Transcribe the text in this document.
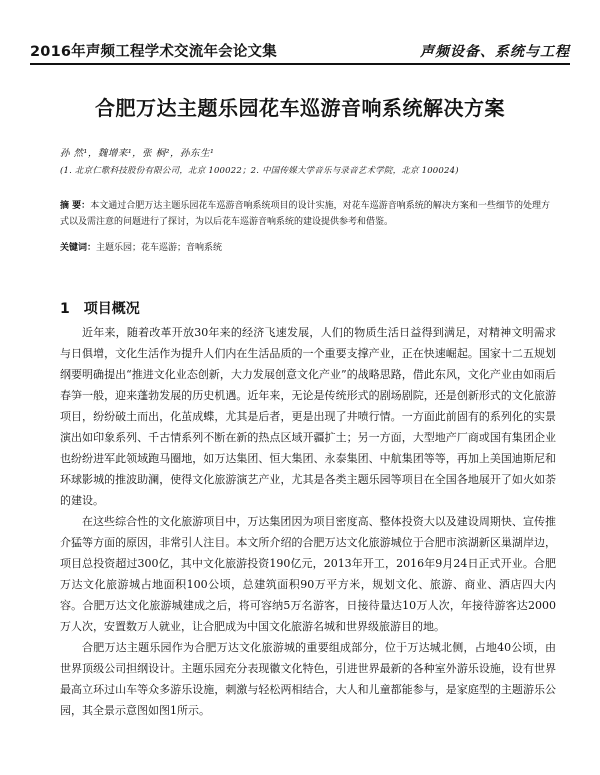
2016年声频工程学术交流年会论文集	声频设备、系统与工程
合肥万达主题乐园花车巡游音响系统解决方案
孙 然¹，魏增来¹，张 桐²，孙东生¹
(1. 北京仁歌科技股份有限公司，北京 100022；2. 中国传媒大学音乐与录音艺术学院，北京 100024)
摘 要：本文通过合肥万达主题乐园花车巡游音响系统项目的设计实施，对花车巡游音响系统的解决方案和一些细节的处理方式以及需注意的问题进行了探讨，为以后花车巡游音响系统的建设提供参考和借鉴。
关键词：主题乐园；花车巡游；音响系统
1 项目概况

近年来，随着改革开放30年来的经济飞速发展，人们的物质生活日益得到满足，对精神文明需求与日俱增，文化生活作为提升人们内在生活品质的一个重要支撑产业，正在快速崛起。国家十二五规划纲要明确提出“推进文化业态创新，大力发展创意文化产业”的战略思路，借此东风，文化产业由如雨后春笋一般，迎来蓬勃发展的历史机遇。近年来，无论是传统形式的剧场剧院，还是创新形式的文化旅游项目，纷纷破土而出，化茧成蝶，尤其是后者，更是出现了井喷行情。一方面此前固有的系列化的实景演出如印象系列、千古情系列不断在新的热点区域开疆扩土；另一方面，大型地产厂商或国有集团企业也纷纷进军此领域跑马圈地，如万达集团、恒大集团、永泰集团、中航集团等等，再加上美国迪斯尼和环球影城的推波助澜，使得文化旅游演艺产业，尤其是各类主题乐园等项目在全国各地展开了如火如荼的建设。

在这些综合性的文化旅游项目中，万达集团因为项目密度高、整体投资大以及建设周期快、宣传推介猛等方面的原因，非常引人注目。本文所介绍的合肥万达文化旅游城位于合肥市滨湖新区巢湖岸边，项目总投资超过300亿，其中文化旅游投资190亿元，2013年开工，2016年9月24日正式开业。合肥万达文化旅游城占地面积100公顷，总建筑面积90万平方米，规划文化、旅游、商业、酒店四大内容。合肥万达文化旅游城建成之后，将可容纳5万名游客，日接待量达10万人次，年接待游客达2000万人次，安置数万人就业，让合肥成为中国文化旅游名城和世界级旅游目的地。

合肥万达主题乐园作为合肥万达文化旅游城的重要组成部分，位于万达城北侧，占地40公顷，由世界顶级公司担纲设计。主题乐园充分表现徽文化特色，引进世界最新的各种室外游乐设施，设有世界最高立环过山车等众多游乐设施，刺激与轻松两相结合，大人和儿童都能参与，是家庭型的主题游乐公园，其全景示意图如图1所示。
